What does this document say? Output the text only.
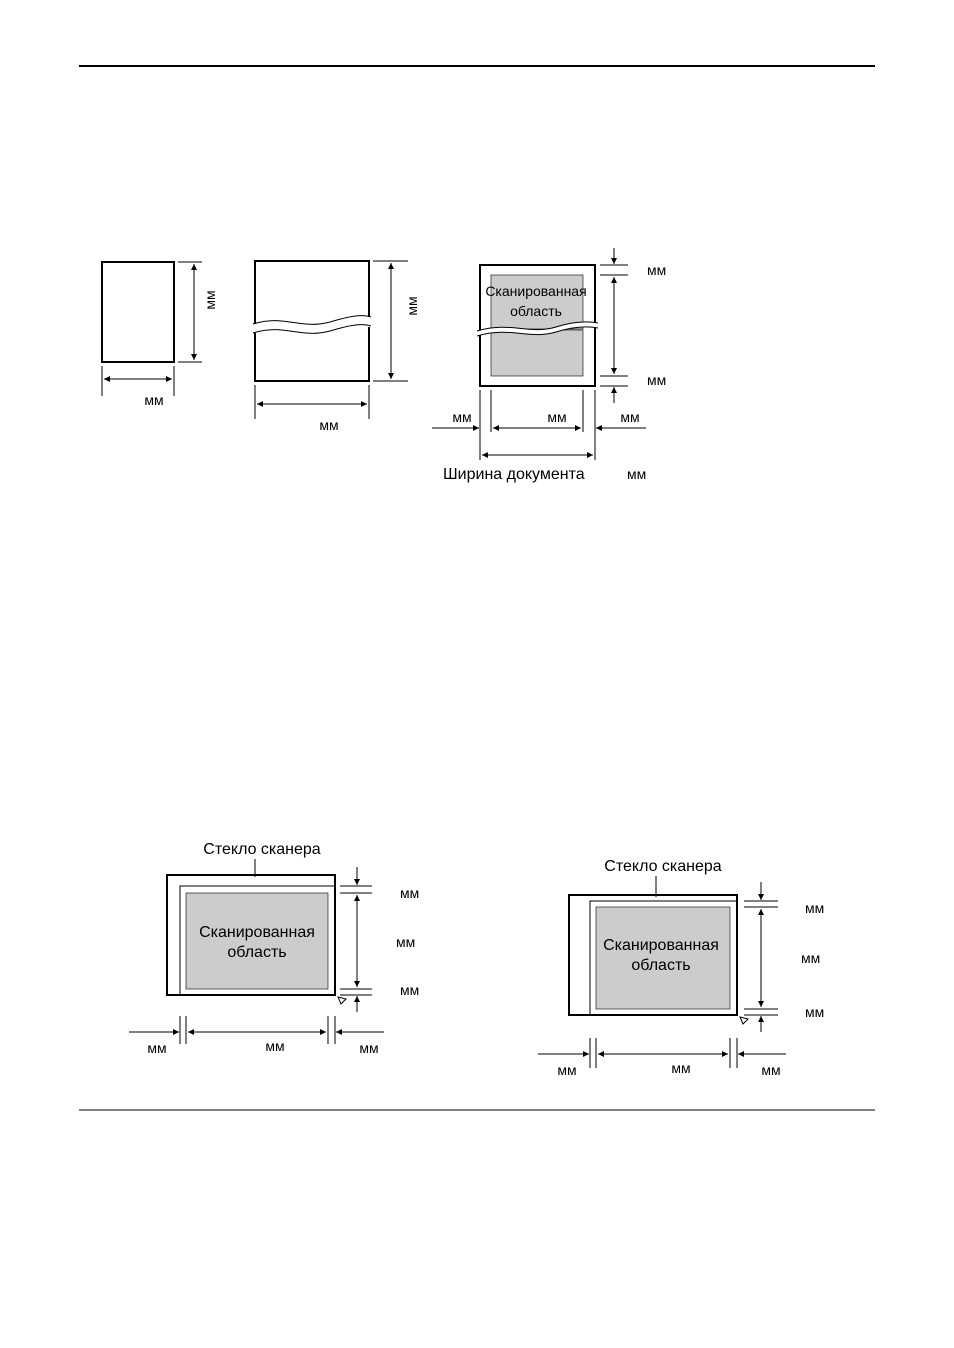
мм
мм
мм
мм
Сканированная
область
мм
мм
мм	мм	мм
Ширина документа	мм
Стекло сканера
Сканированная
область
мм
мм
мм
мм	мм	мм
Стекло сканера
Сканированная
область
мм
мм
мм
мм	мм	мм
